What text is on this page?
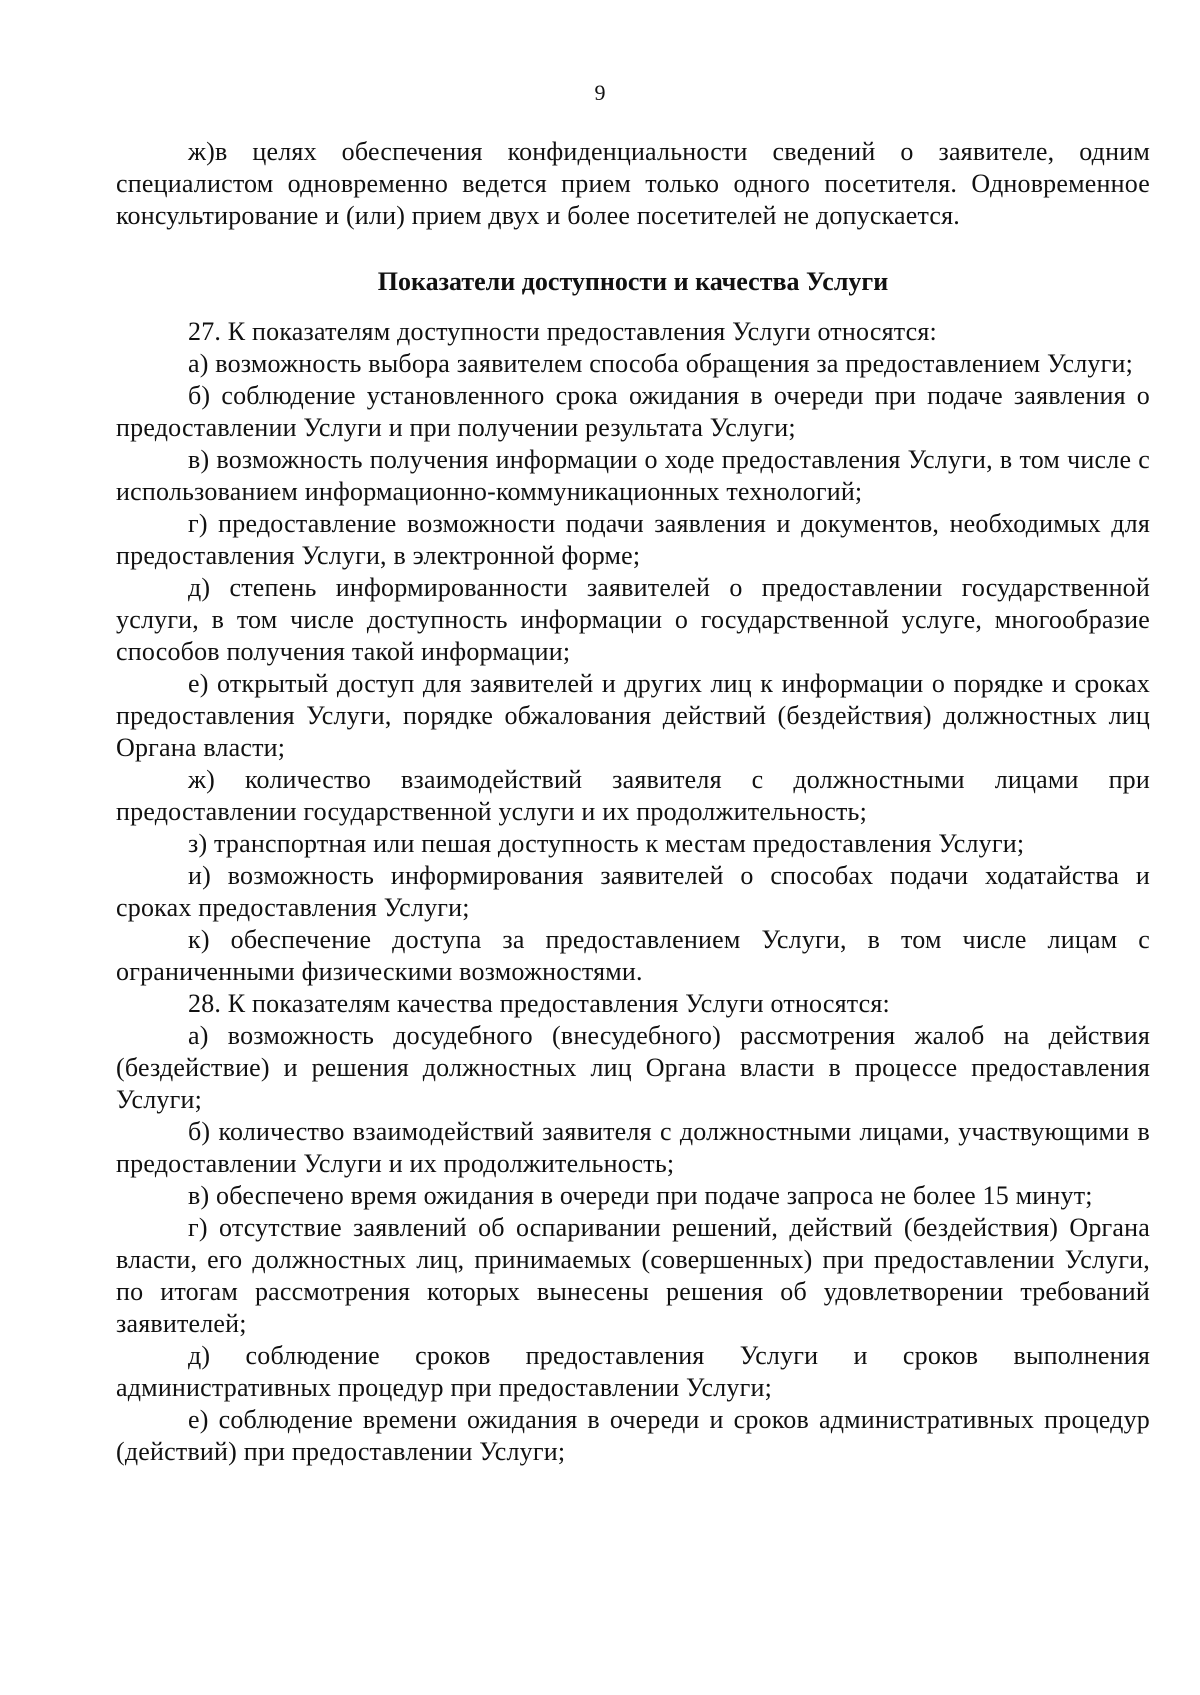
9

ж)в целях обеспечения конфиденциальности сведений о заявителе, одним специалистом одновременно ведется прием только одного посетителя. Одновременное консультирование и (или) прием двух и более посетителей не допускается.

Показатели доступности и качества Услуги

27. К показателям доступности предоставления Услуги относятся:

а) возможность выбора заявителем способа обращения за предоставлением Услуги;

б) соблюдение установленного срока ожидания в очереди при подаче заявления о предоставлении Услуги и при получении результата Услуги;

в) возможность получения информации о ходе предоставления Услуги, в том числе с использованием информационно-коммуникационных технологий;

г) предоставление возможности подачи заявления и документов, необходимых для предоставления Услуги, в электронной форме;

д) степень информированности заявителей о предоставлении государственной услуги, в том числе доступность информации о государственной услуге, многообразие способов получения такой информации;

е) открытый доступ для заявителей и других лиц к информации о порядке и сроках предоставления Услуги, порядке обжалования действий (бездействия) должностных лиц Органа власти;

ж) количество взаимодействий заявителя с должностными лицами при предоставлении государственной услуги и их продолжительность;

з) транспортная или пешая доступность к местам предоставления Услуги;

и) возможность информирования заявителей о способах подачи ходатайства и сроках предоставления Услуги;

к) обеспечение доступа за предоставлением Услуги, в том числе лицам с ограниченными физическими возможностями.

28. К показателям качества предоставления Услуги относятся:

а) возможность досудебного (внесудебного) рассмотрения жалоб на действия (бездействие) и решения должностных лиц Органа власти в процессе предоставления Услуги;

б) количество взаимодействий заявителя с должностными лицами, участвующими в предоставлении Услуги и их продолжительность;

в) обеспечено время ожидания в очереди при подаче запроса не более 15 минут;

г) отсутствие заявлений об оспаривании решений, действий (бездействия) Органа власти, его должностных лиц, принимаемых (совершенных) при предоставлении Услуги, по итогам рассмотрения которых вынесены решения об удовлетворении требований заявителей;

д) соблюдение сроков предоставления Услуги и сроков выполнения административных процедур при предоставлении Услуги;

е) соблюдение времени ожидания в очереди и сроков административных процедур (действий) при предоставлении Услуги;
